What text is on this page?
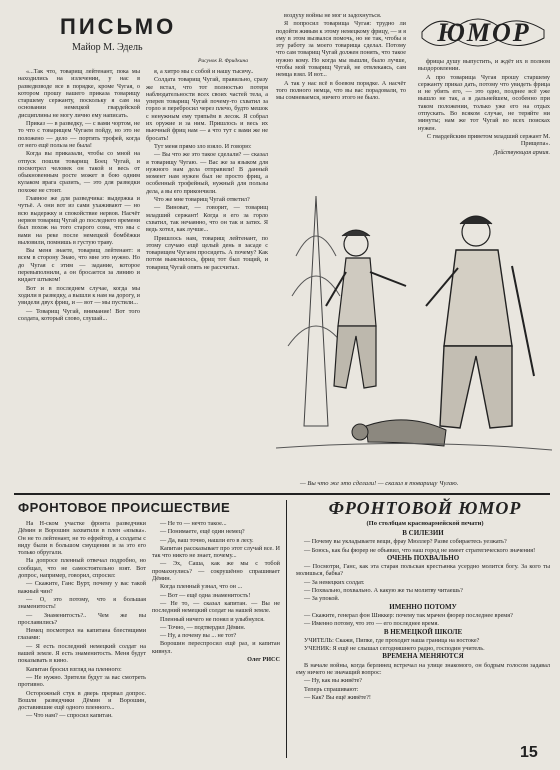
ПИСЬМО
Майор М. Эдель
Рисунок В. Фридкина
ЮМОР

«...Так что, товарищ лейтенант, пока мы находились на излечении, у нас в разведвзводе все в порядке, кроме Чугая, о котором прошу вашего приказа товарищу старшему сержанту, поскольку я сам на основании немецкой гвардейской дисциплины не могу лично ему написать.

Приказ — в разведку, — с вами чортом, не то что с товарищем Чугаем пойду, но это не положено — дело — портить трофей, когда от него ещё польза не была!

Когда вы приказали, чтобы со мной на отпуск пошли товарищ Боец Чугай, и посмотрел человек он такой и весь от обыкновенным росте может в бою одним кулаком врага сразить, — это для разведки похоже не стоит.

Главное же для разведчика: выдержка и чутьё. А они вот из сами ухаживают — но всю выдержку и спокойствие нервов. Насчёт нервов товарищ Чугай до последнего времени был похож на того старого сома, что мы с вами на реке после немецкой бомбёжки выловили, помнишь в густую траву.

Вы меня знаете, товарищ лейтенант: я всем в сторону Знаю, что мне это нужно. Но до Чугая с этим — задание, которое перевыполнили, а он бросается за линию и кидает штыком!

Вот и в последнем случае, когда мы ходили в разведку, а вышли к нам на дорогу, и увидели двух фриц, и — вот — мы пустили...

— Товарищ Чугай, внимание! Вот того солдата, который слово, слушай...

я, а хитро мы с собой и нашу тысячу..

Солдата товарищ Чугай, правильно, сразу же встал, что тот полностью потеря наблюдательности всех своих частей тела, а уперев товарищ Чугай почему-то схватил за горло и перебросил через плечо, будто мешок с ненужным ему тряпьём в лесок. Я собрал их оружие и за ним. Пришлось и весь их вьючный фриц нам — а что тут с вами же не бросать!

Тут меня прямо зло взяло. И говорю:

— Вы что же это такое сделали? — сказал я товарищу Чугаю. — Вас же за языком для нужного нам дела отправили! В данный момент нам нужен был не просто фриц, а особенный трофейный, нужный для пользы дела, а вы его прикончили.

Что же мне товарищ Чугай ответил?

— Виноват, — говорит, — товарищ младший сержант! Когда я его за горло схватил, так нечаянно, что он так и затих. Я ведь хотел, как лучше...

Пришлось нам, товарищ лейтенант, по этому случаю ещё целый день в засаде с товарищем Чугаем просидеть. А почему? Как потом выяснилось, фриц тот был тощий, и товарищ Чугай опять не рассчитал.

воздуху войны не мог и задохнуться.

Я попросил товарища Чугая: трудно ли подойти живым к этому немецкому фрицу, — и я ему в этом вызвался помочь, но не так, чтобы я эту работу за моего товарища сделал. Потому что сам товарищ Чугай должен понять, что такое нужно кому. Но когда мы вышли, было лучше, чтобы мой товарищ Чугай, не отвлекаясь, сам немца взял. И вот...

А так у нас всё в боевом порядке. А насчёт того полного немца, что вы вас порадовали, то мы сомневаемся, ничего этого не было.

фрицы душу выпустить, и ждёт их в полном выздоровлении.

А про товарища Чугая прошу старшему сержанту приказ дать, потому что увидеть фрица и не убить его, — это одно, позднее всё уже вышло не так, а в дальнейшем, особенно при таком положении, только уже его на отдых отпускать. Во всяком случае, не теряйте ни минуты; нам же тот Чугай во всех поисках нужен.

С гвардейским приветом младший сержант М. Прищепа».

Действующая армия.

— Вы что же это сделали! — сказал я товарищу Чугаю.
ФРОНТОВОЕ ПРОИСШЕСТВИЕ

На Н-ском участке фронта разведчики Дёмин и Ворошин захватили в плен «языка». Он не то лейтенант, не то ефрейтор, а солдаты с виду были в большом смущении и за это его только обругали.

На допросе пленный отвечал подробно, но сообщал, что не самостоятельно взят. Вот допрос, например, говорил, спросил:

— Скажите, Ганс Вурт, почему у вас такой важный чин?

— О, это потому, что я большая знаменитость!

— Знаменитость?.. Чем же вы прославились?

Немец посмотрел на капитана блестящими глазами:

— Я есть последний немецкий солдат на вашей земле. Я есть знаменитость. Меня будут показывать в кино.

Капитан бросил взгляд на пленного:

— Не нужно. Зрители будут за вас смотреть противно.

Осторожный стук в дверь прервал допрос. Вошли разведчики Дёмин и Ворошин, доставившие ещё одного пленного...

— Что нам? — спросил капитан.

— Не то — нечто такое...

— Понимаете, ещё один немец?

— Да, ваш точно, нашли его в лесу.

Капитан рассказывает про этот случай все. И так что никто не знает, почему...

— Эх, Саша, как же мы с тобой промахнулись? — сокрушённо спрашивает Дёмин.

Когда пленный узнал, что он ...

— Вот — ещё одна знаменитость!

— Не то, — сказал капитан. — Вы не последний немецкий солдат на нашей земле.

Пленный ничего не понял и улыбнулся.

— Точно, — подтвердил Дёмин.

— Ну, а почему вы ... не тот?

Ворошин переспросил ещё раз, и капитан кивнул.

Олег РИСС

ФРОНТОВОЙ ЮМОР
(По столбцам красноармейской печати)

В СИЛЕЗИИ

— Почему вы укладываете вещи, фрау Мюллер? Разве собираетесь уезжать?

— Боюсь, как бы фюрер не объявил, что наш город не имеет стратегического значения!

ОЧЕНЬ ПОХВАЛЬНО

— Посмотри, Ганс, как эта старая польская крестьянка усердно молится богу. За кого ты молишься, бабка?

— За немецких солдат.

— Похвально, похвально. А какую же ты молитву читаешь?

— За упокой.

ИМЕННО ПОТОМУ

— Скажите, генерал фон Шиккер: почему так мрачен фюрер последнее время?

— Именно потому, что это — его последнее время.

В НЕМЕЦКОЙ ШКОЛЕ

УЧИТЕЛЬ: Скажи, Пипке, где проходит наша граница на востоке?

УЧЕНИК: Я ещё не слышал сегодняшнего радио, господин учитель.

ВРЕМЕНА МЕНЯЮТСЯ

В начале войны, когда берлинец встречал на улице знакомого, он бодрым голосом задавал ему ничего не значащий вопрос:

— Ну, как вы живёте?

Теперь спрашивают:

— Как? Вы ещё живёте?!

15
